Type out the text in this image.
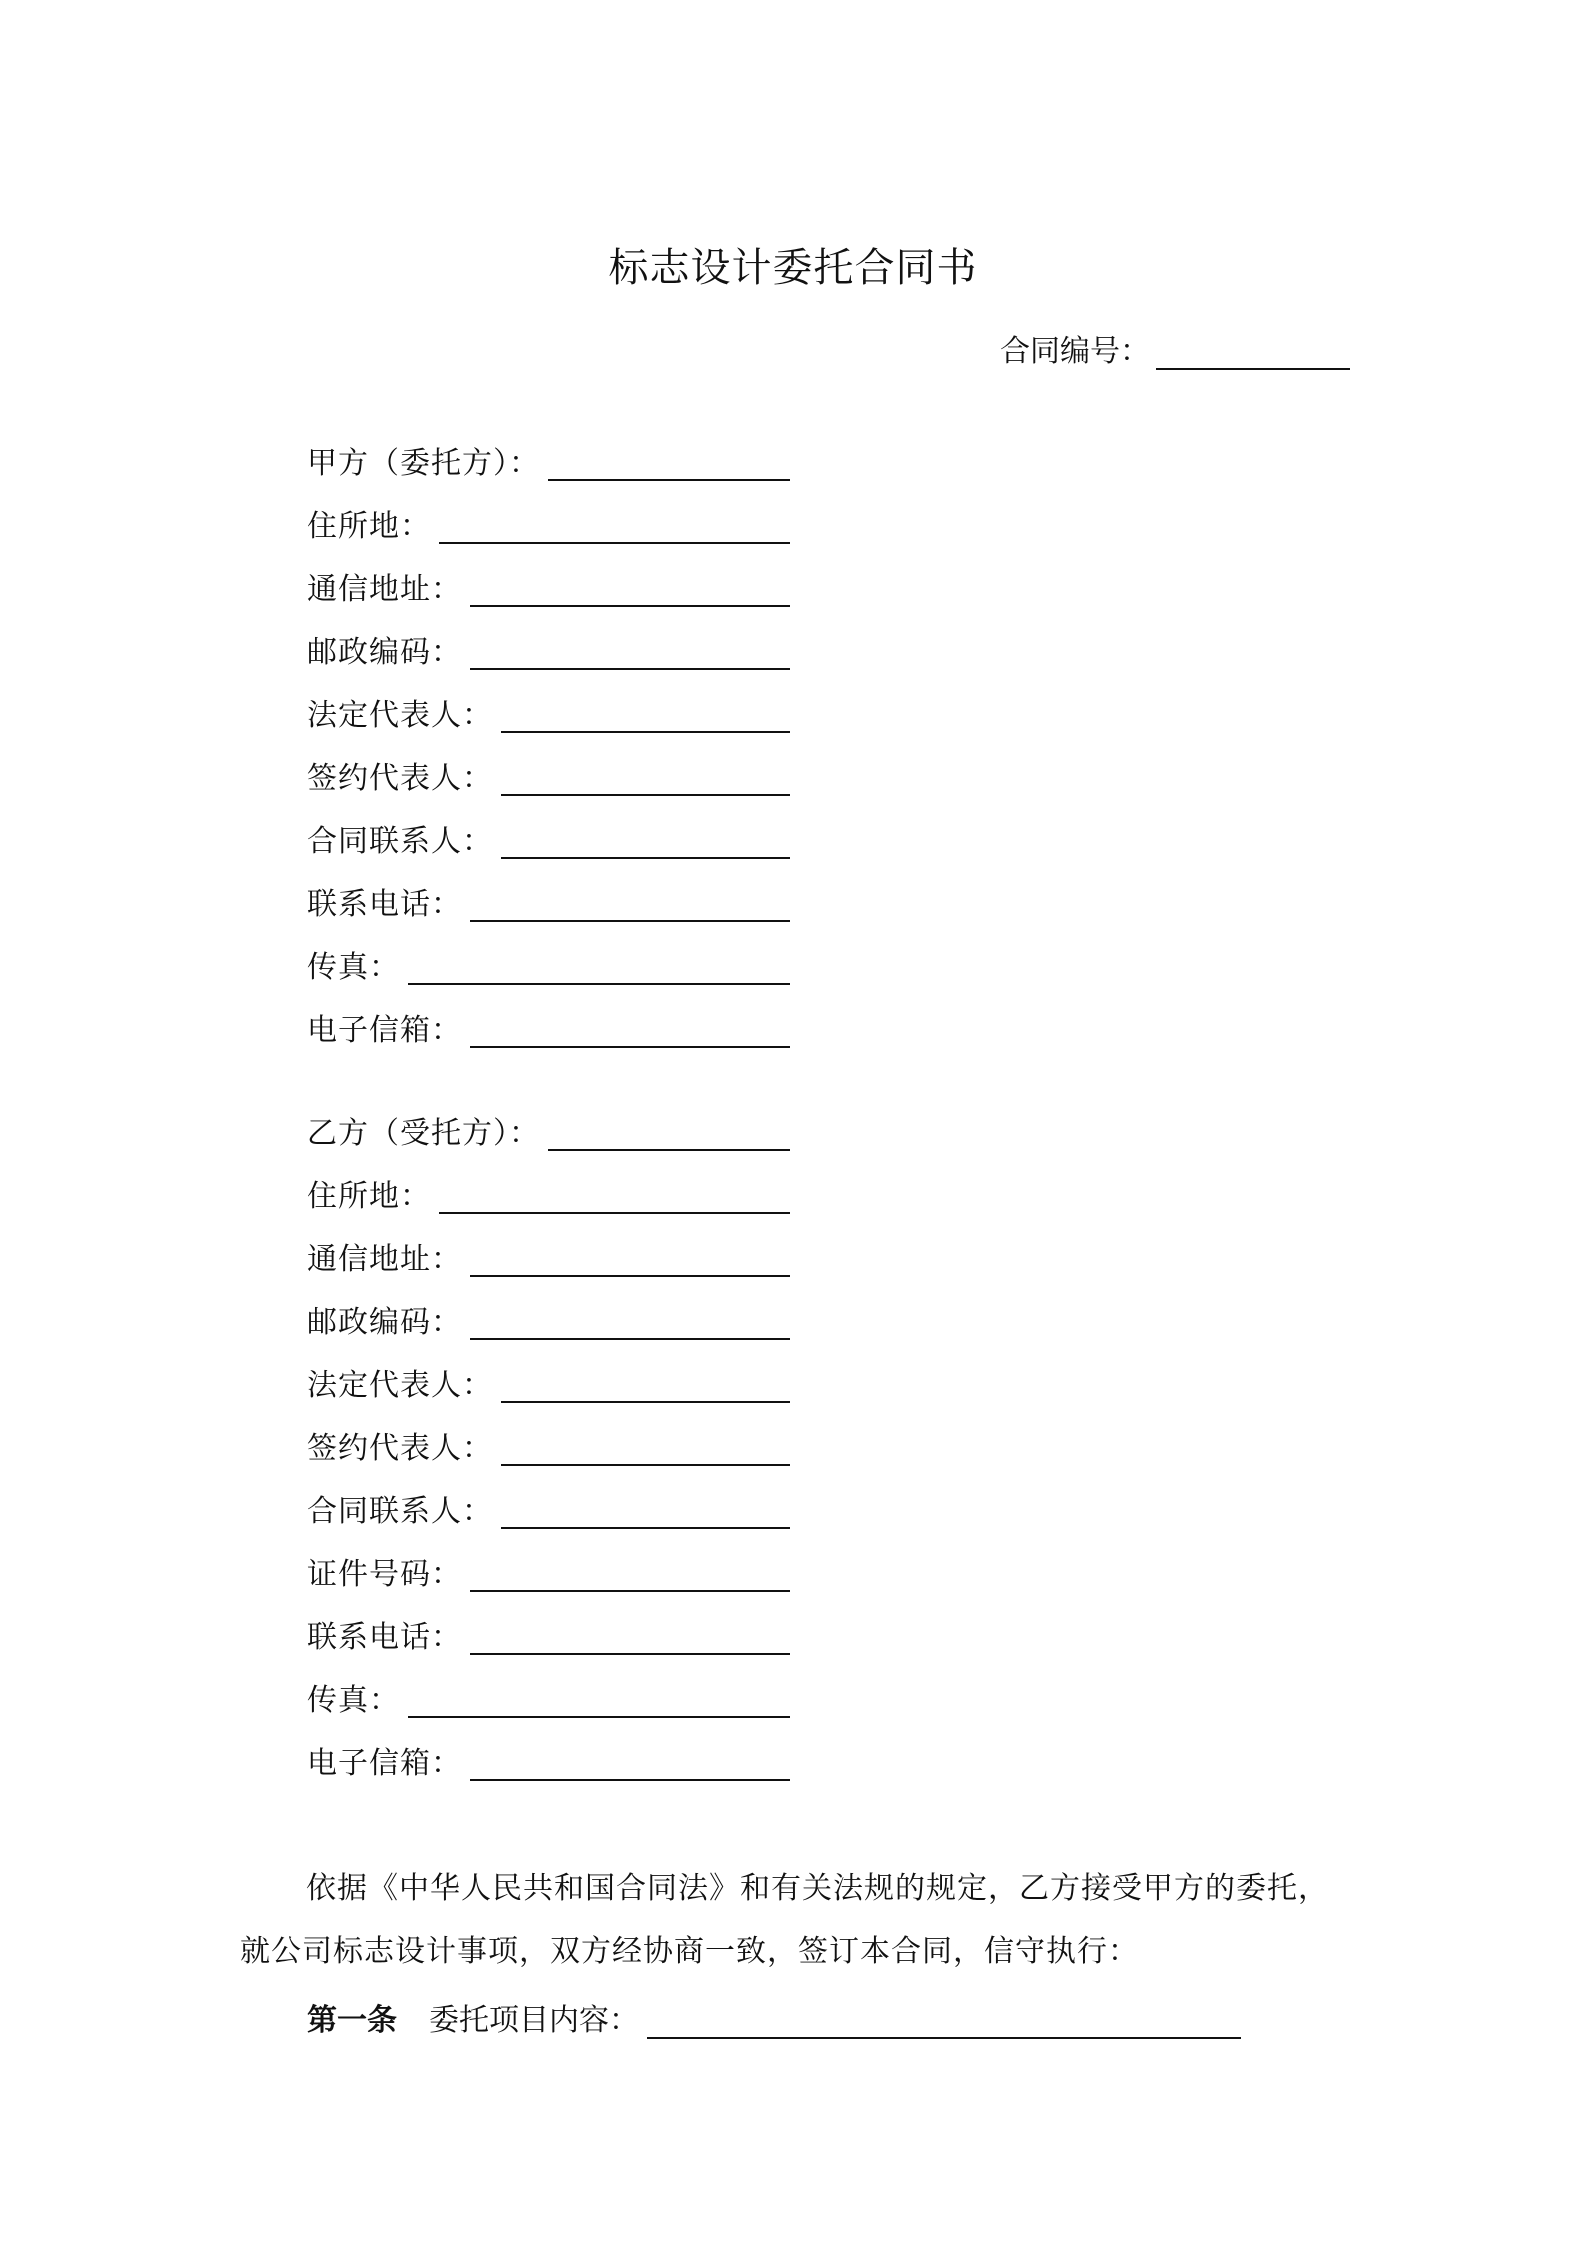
标志设计委托合同书
合同编号：
甲方（委托方）：
住所地：
通信地址：
邮政编码：
法定代表人：
签约代表人：
合同联系人：
联系电话：
传真：
电子信箱：
乙方（受托方）：
住所地：
通信地址：
邮政编码：
法定代表人：
签约代表人：
合同联系人：
证件号码：
联系电话：
传真：
电子信箱：

依据《中华人民共和国合同法》和有关法规的规定，乙方接受甲方的委托，就公司标志设计事项，双方经协商一致，签订本合同，信守执行：

第一条 委托项目内容：
